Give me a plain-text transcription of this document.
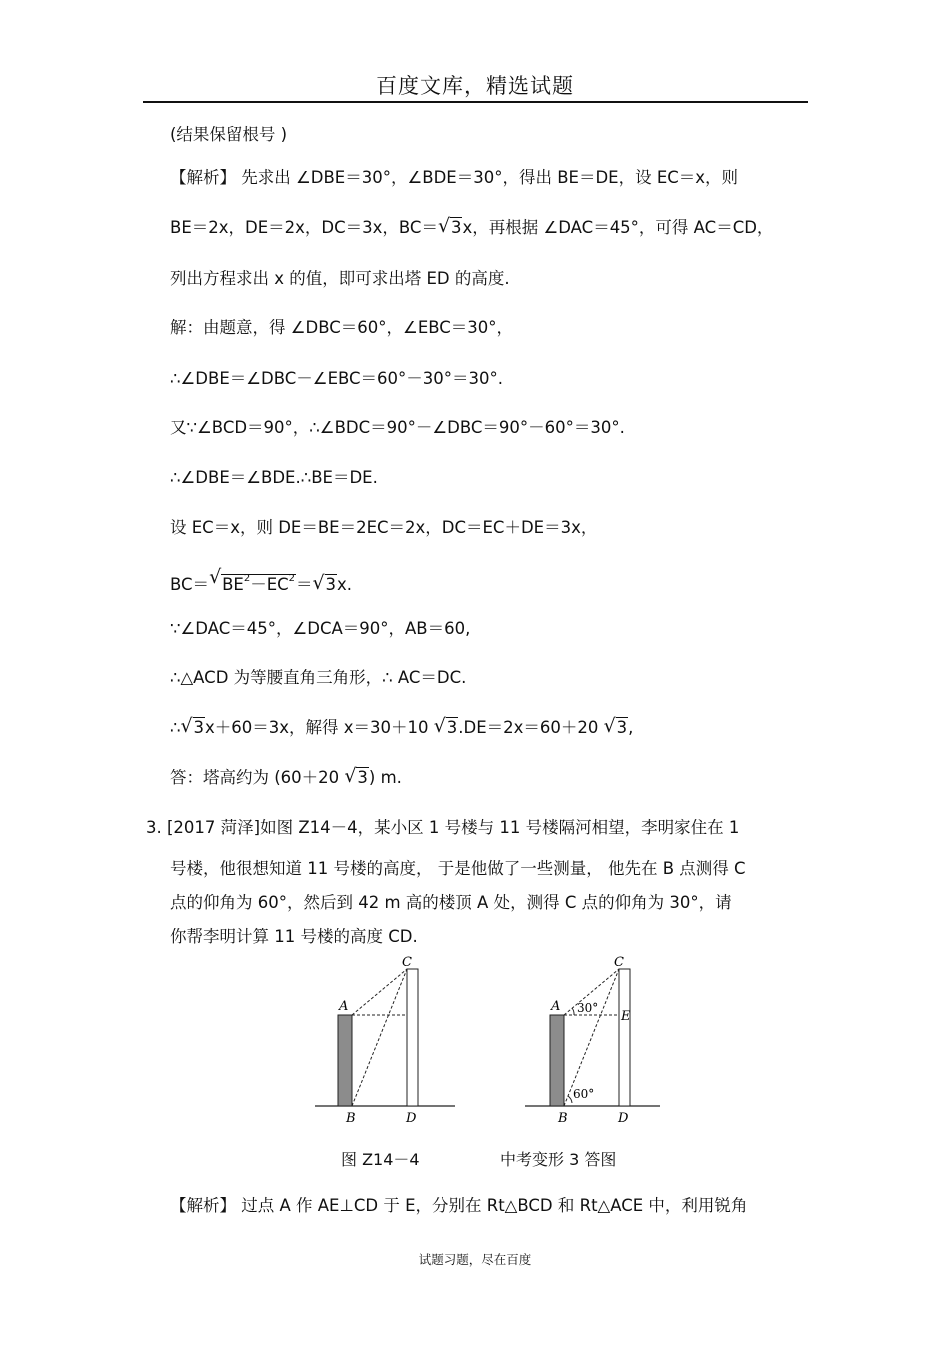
百度文库，精选试题
(结果保留根号 )
【解析】 先求出 ∠DBE＝30°，∠BDE＝30°，得出 BE＝DE，设 EC＝x，则
BE＝2x，DE＝2x，DC＝3x，BC＝√ 3x，再根据 ∠DAC＝45°，可得 AC＝CD，
列出方程求出 x 的值，即可求出塔 ED 的高度.
解：由题意，得 ∠DBC＝60°，∠EBC＝30°，
∴∠DBE＝∠DBC－∠EBC＝60°－30°＝30°.
又∵∠BCD＝90°，∴∠BDC＝90°－∠DBC＝90°－60°＝30°.
∴∠DBE＝∠BDE.∴BE＝DE.
设 EC＝x，则 DE＝BE＝2EC＝2x，DC＝EC＋DE＝3x，
BC＝√ $BE^2-EC^2=√$ 3x.
∵∠DAC＝45°，∠DCA＝90°，AB＝60,
∴△ACD 为等腰直角三角形，∴ AC＝DC.
∴√ 3x＋60＝3x，解得 x＝30＋10 √ 3.DE＝2x＝60＋20 √ 3,
答：塔高约为 (60＋20 √ 3) m.
3. [2017 菏泽]如图 Z14－4，某小区 1 号楼与 11 号楼隔河相望，李明家住在 1
号楼，他很想知道 11 号楼的高度， 于是他做了一些测量， 他先在 B 点测得 C
点的仰角为 60°，然后到 42 m 高的楼顶 A 处，测得 C 点的仰角为 30°，请
你帮李明计算 11 号楼的高度 CD.
A
B
C
D
A
B
C
D
E
30°
60°
图 Z14－4	中考变形 3 答图
【解析】 过点 A 作 AE⊥CD 于 E，分别在 Rt△BCD 和 Rt△ACE 中，利用锐角
试题习题，尽在百度
